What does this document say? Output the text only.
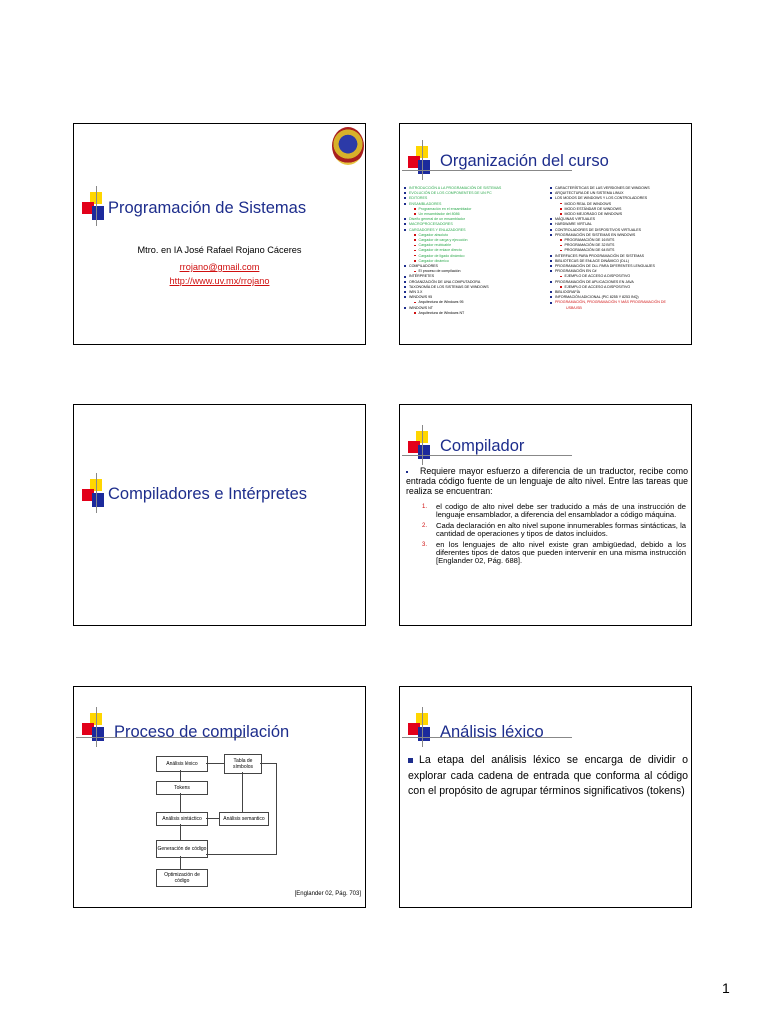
Programación de Sistemas
Mtro. en IA José Rafael Rojano Cáceres
rrojano@gmail.com
http://www.uv.mx/rrojano
Organización del curso
INTRODUCCIÓN A LA PROGRAMACIÓN DE SISTEMAS
EVOLUCIÓN DE LOS COMPONENTES DE UN PC
EDITORES
ENSAMBLADORES
Programación en el ensamblador
Un ensamblador del 8086
Diseño general de un ensamblador
MACROPROCESADORES
CARGADORES Y ENLAZADORES
Cargador absoluto
Cargador de carga y ejecución
Cargador reubicable
Cargador de enlace directo
Cargador de ligado dinámico
Cargador dinámico
COMPILADORES
El proceso de compilación
INTÉRPRETES
ORGANIZACIÓN DE UNA COMPUTADORA
TAXONOMÍA DE LOS SISTEMAS DE WINDOWS
WIN 3.X
WINDOWS 95
Arquitectura de Windows 95
WINDOWS NT
Arquitectura de Windows NT
CARACTERÍSTICAS DE LAS VERSIONES DE WINDOWS
ARQUITECTURA DE UN SISTEMA LINUX
LOS MODOS DE WINDOWS Y LOS CONTROLADORES
MODO REAL DE WINDOWS
MODO ESTÁNDAR DE WINDOWS
MODO MEJORADO DE WINDOWS
MÁQUINAS VIRTUALES
HARDWARE VIRTUAL
CONTROLADORES DE DISPOSITIVOS VIRTUALES
PROGRAMACIÓN DE SISTEMAS EN WINDOWS
PROGRAMACIÓN DE 16 BITS
PROGRAMACIÓN DE 32 BITS
PROGRAMACIÓN DE 64 BITS
INTERFACES PARA PROGRAMACIÓN DE SISTEMAS
BIBLIOTECAS DE ENLACE DINÁMICO (DLL)
PROGRAMACIÓN DE DLL PARA DIFERENTES LENGUAJES
PROGRAMACIÓN EN C#
EJEMPLO DE ACCESO A DISPOSITIVO
PROGRAMACIÓN DE APLICACIONES EN JAVA
EJEMPLO DE ACCESO A DISPOSITIVO
BIBLIOGRAFÍA
INFORMACIÓN ADICIONAL (PIC 8255 Y 8253 INQ)
PROGRAMACIÓN, PROGRAMACIÓN Y MÁS PROGRAMACIÓN DE
USB/USB
Compiladores e Intérpretes
Compilador
Requiere mayor esfuerzo a diferencia de un traductor, recibe como entrada código fuente de un lenguaje de alto nivel. Entre las tareas que realiza se encuentran:
1.	el codigo de alto nivel debe ser traducido a más de una instrucción de lenguaje ensamblador, a diferencia del ensamblador a código máquina.
2.	Cada declaración en alto nivel supone innumerables formas sintácticas, la cantidad de operaciones y tipos de datos incluidos.
3.	en los lenguajes de alto nivel existe gran ambigüedad, debido a los diferentes tipos de datos que pueden intervenir en una misma instrucción [Englander 02, Pág. 688].
Proceso de compilación
Análisis léxico	Tabla de símbolos
Tokens
Análisis sintáctico	Análisis semantico
Generación de código
Optimización de código
[Englander 02, Pág. 703]
Análisis léxico
La etapa del análisis léxico se encarga de dividir o explorar cada cadena de entrada que conforma al código con el propósito de agrupar términos significativos (tokens)
1
